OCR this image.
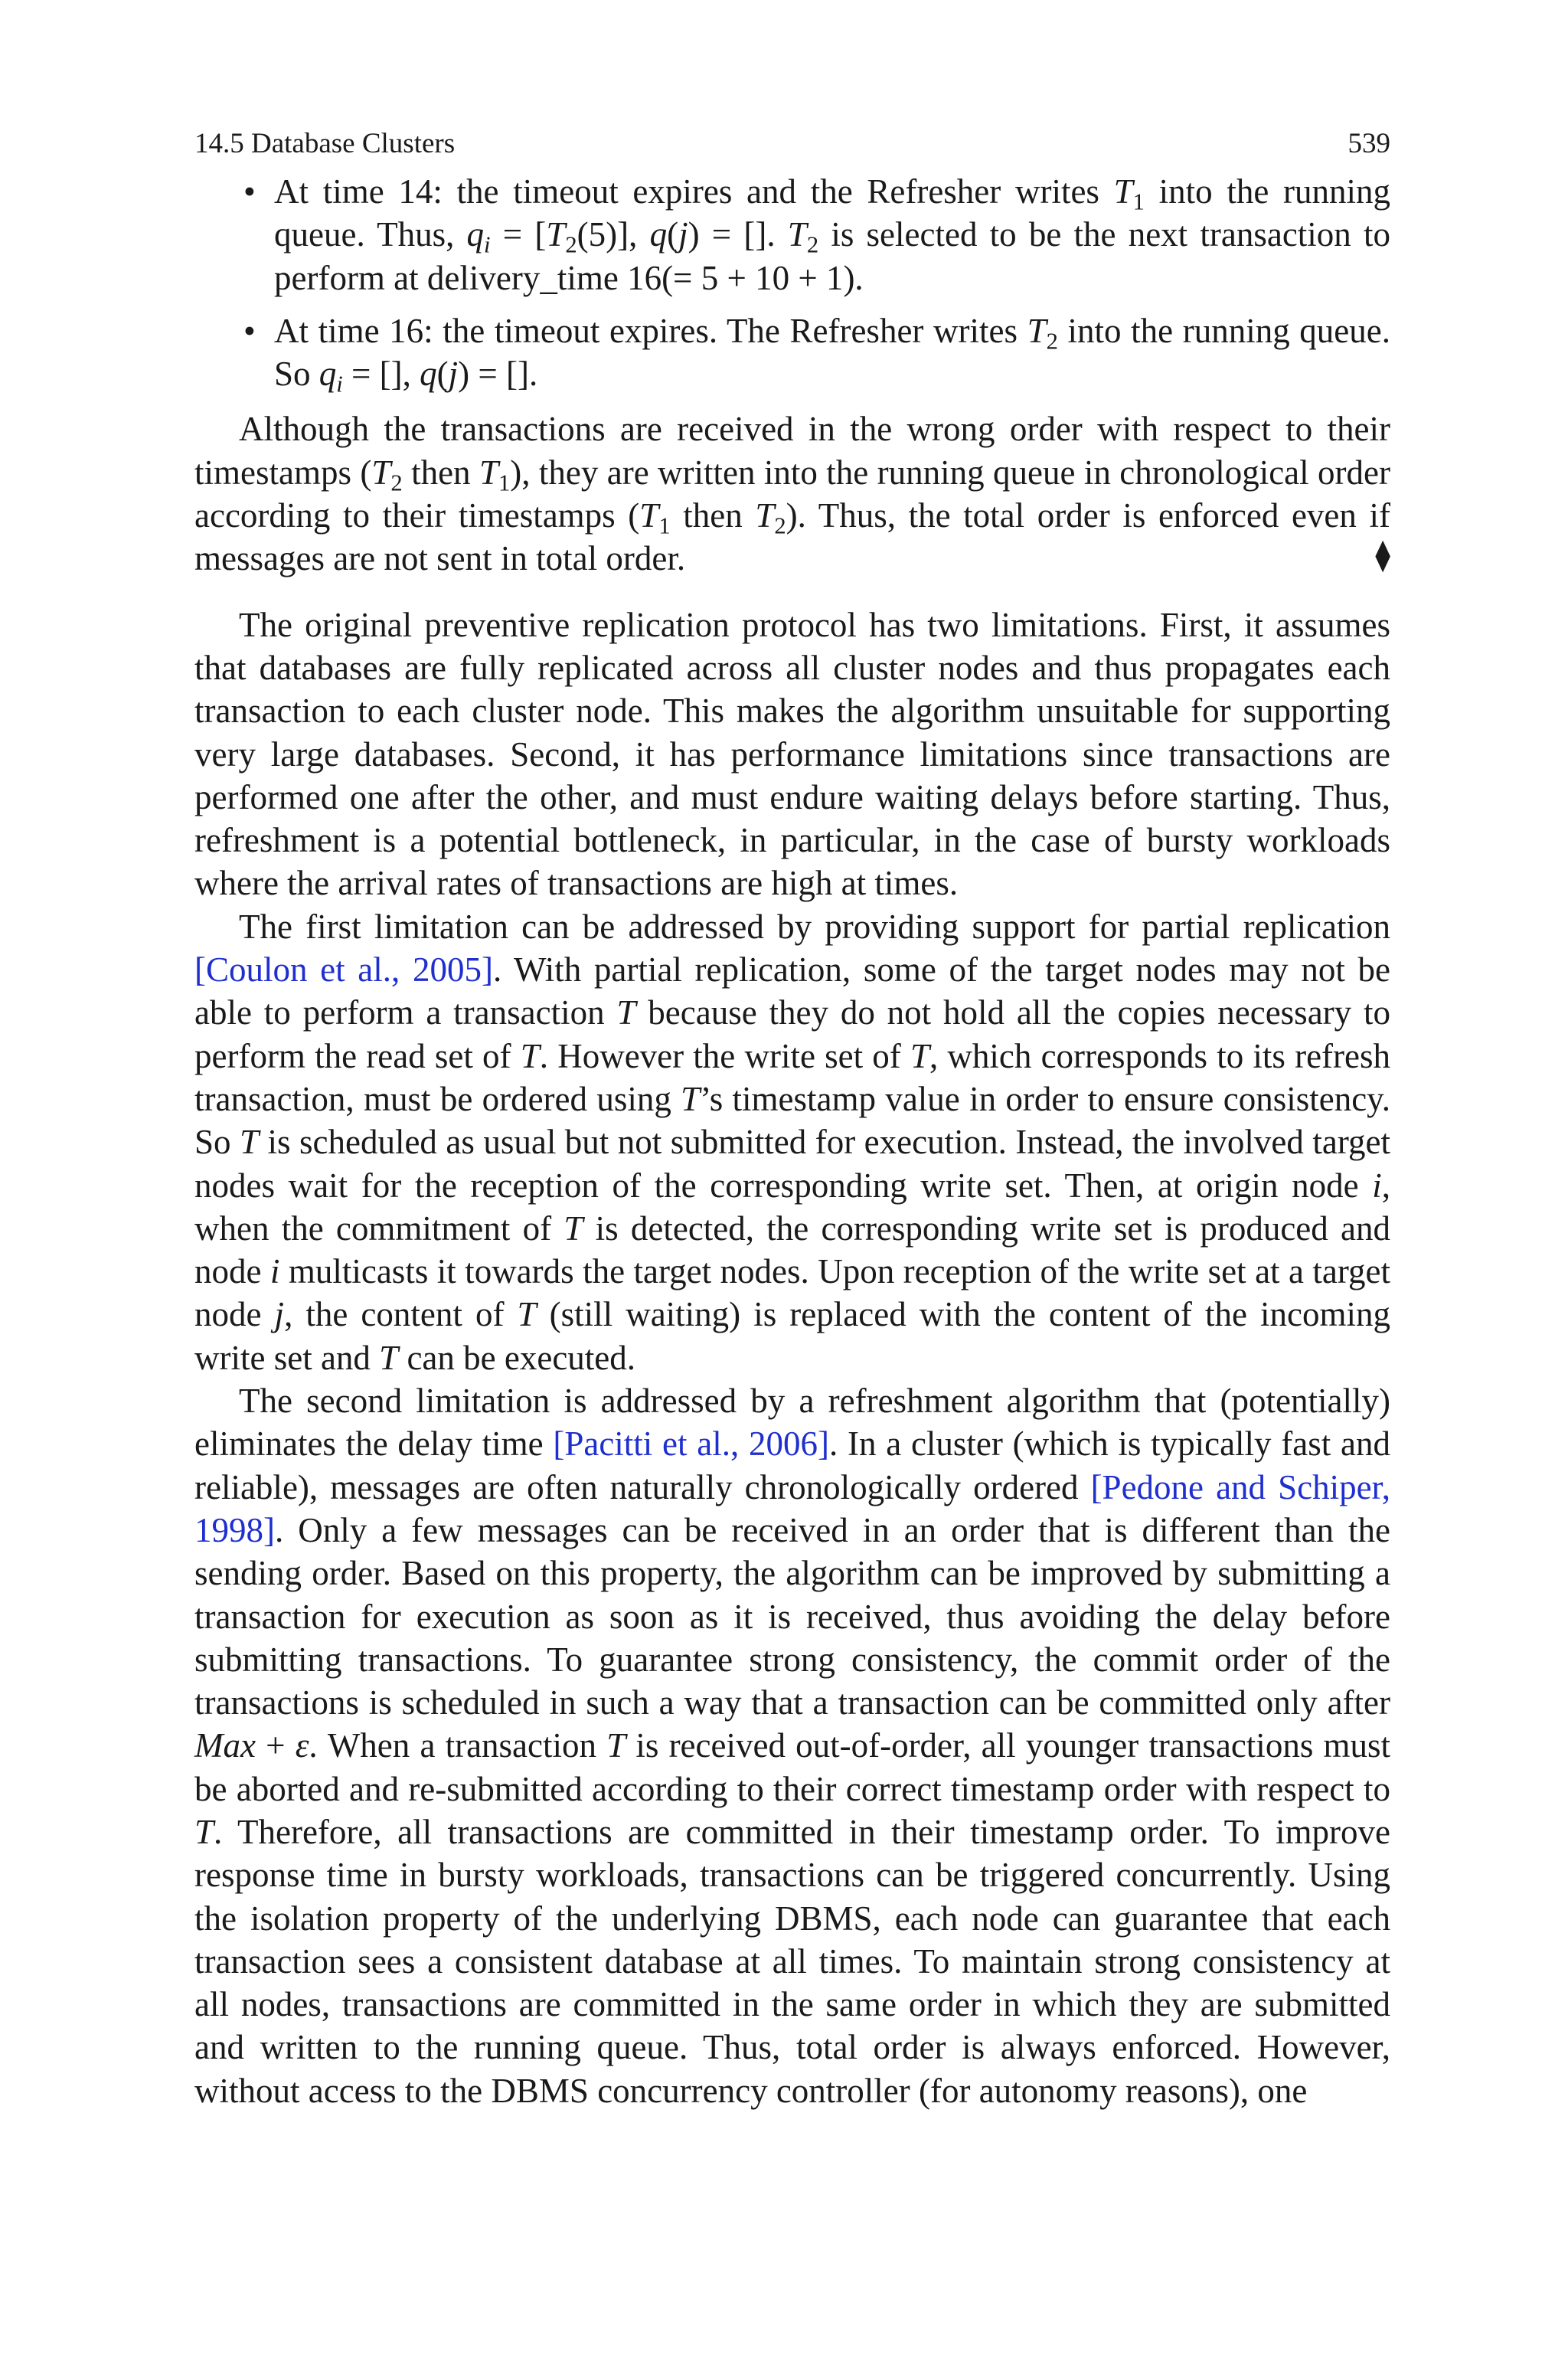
14.5 Database Clusters	539
• At time 14: the timeout expires and the Refresher writes $T_1$ into the running queue. Thus, $q_i = [T_2(5)]$, q(j) = []. $T_2$ is selected to be the next transaction to perform at delivery_time 16(= 5 + 10 + 1).
• At time 16: the timeout expires. The Refresher writes $T_2$ into the running queue. So $q_i$ = [], q(j) = [].

Although the transactions are received in the wrong order with respect to their timestamps ($T_2$ then $T_1$), they are written into the running queue in chronological order according to their timestamps ($T_1$ then $T_2$). Thus, the total order is enforced even if messages are not sent in total order.	⧫

The original preventive replication protocol has two limitations. First, it assumes that databases are fully replicated across all cluster nodes and thus propagates each transaction to each cluster node. This makes the algorithm unsuitable for supporting very large databases. Second, it has performance limitations since transactions are performed one after the other, and must endure waiting delays before starting. Thus, refreshment is a potential bottleneck, in particular, in the case of bursty workloads where the arrival rates of transactions are high at times.

The first limitation can be addressed by providing support for partial replication [Coulon et al., 2005]. With partial replication, some of the target nodes may not be able to perform a transaction T because they do not hold all the copies necessary to perform the read set of T. However the write set of T, which corresponds to its refresh transaction, must be ordered using T’s timestamp value in order to ensure consistency. So T is scheduled as usual but not submitted for execution. Instead, the involved target nodes wait for the reception of the corresponding write set. Then, at origin node i, when the commitment of T is detected, the corresponding write set is produced and node i multicasts it towards the target nodes. Upon reception of the write set at a target node j, the content of T (still waiting) is replaced with the content of the incoming write set and T can be executed.

The second limitation is addressed by a refreshment algorithm that (potentially) eliminates the delay time [Pacitti et al., 2006]. In a cluster (which is typically fast and reliable), messages are often naturally chronologically ordered [Pedone and Schiper, 1998]. Only a few messages can be received in an order that is different than the sending order. Based on this property, the algorithm can be improved by submitting a transaction for execution as soon as it is received, thus avoiding the delay before submitting transactions. To guarantee strong consistency, the commit order of the transactions is scheduled in such a way that a transaction can be committed only after Max + ε. When a transaction T is received out-of-order, all younger transactions must be aborted and re-submitted according to their correct timestamp order with respect to T. Therefore, all transactions are committed in their timestamp order. To improve response time in bursty workloads, transactions can be triggered concurrently. Using the isolation property of the underlying DBMS, each node can guarantee that each transaction sees a consistent database at all times. To maintain strong consistency at all nodes, transactions are committed in the same order in which they are submitted and written to the running queue. Thus, total order is always enforced. However, without access to the DBMS concurrency controller (for autonomy reasons), one
